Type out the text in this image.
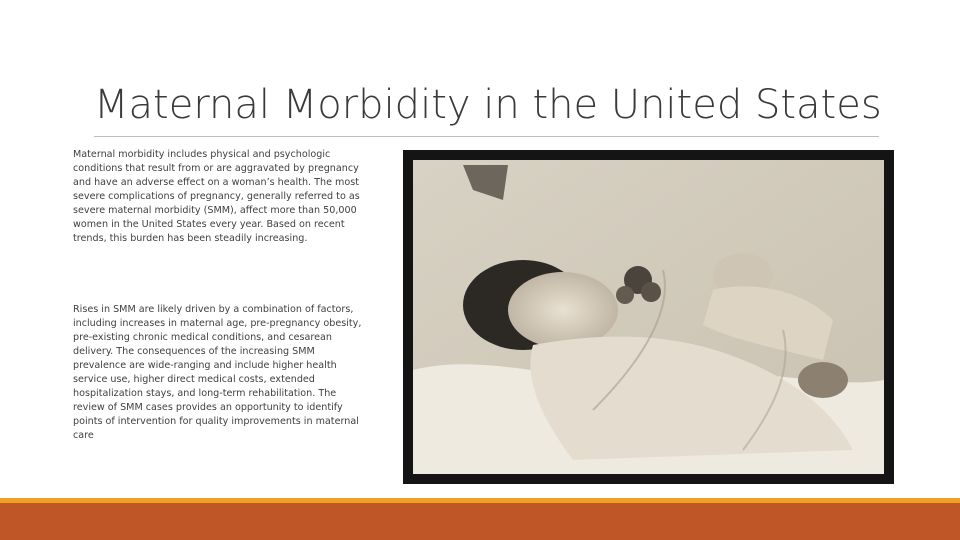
Maternal Morbidity in the United States
Maternal morbidity includes physical and psychologic conditions that result from or are aggravated by pregnancy and have an adverse effect on a woman’s health. The most severe complications of pregnancy, generally referred to as severe maternal morbidity (SMM), affect more than 50,000 women in the United States every year. Based on recent trends, this burden has been steadily increasing.
Rises in SMM are likely driven by a combination of factors, including increases in maternal age, pre-pregnancy obesity, pre-existing chronic medical conditions, and cesarean delivery. The consequences of the increasing SMM prevalence are wide-ranging and include higher health service use, higher direct medical costs, extended hospitalization stays, and long-term rehabilitation. The review of SMM cases provides an opportunity to identify points of intervention for quality improvements in maternal care
